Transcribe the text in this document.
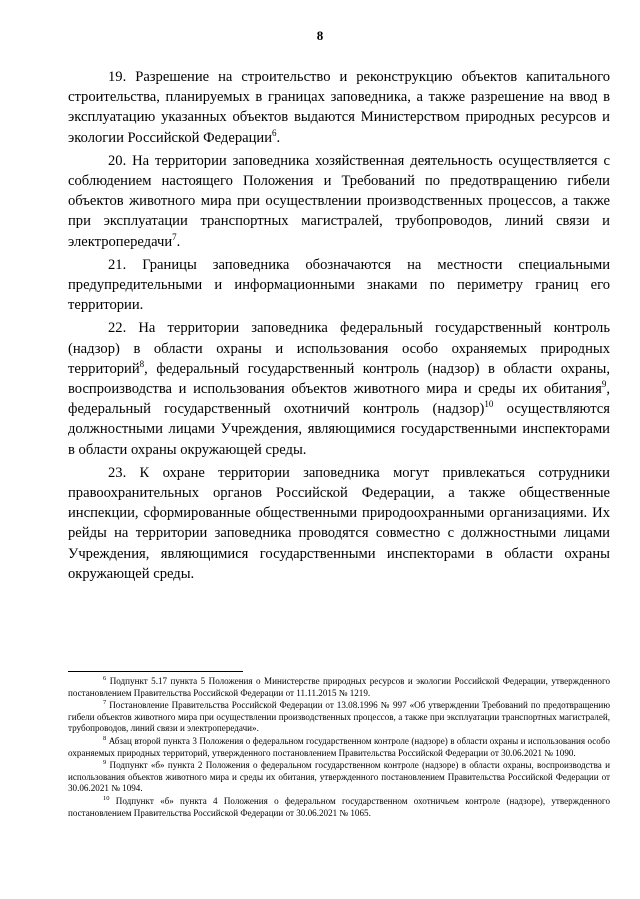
8

19. Разрешение на строительство и реконструкцию объектов капитального строительства, планируемых в границах заповедника, а также разрешение на ввод в эксплуатацию указанных объектов выдаются Министерством природных ресурсов и экологии Российской Федерации$^6$.

20. На территории заповедника хозяйственная деятельность осуществляется с соблюдением настоящего Положения и Требований по предотвращению гибели объектов животного мира при осуществлении производственных процессов, а также при эксплуатации транспортных магистралей, трубопроводов, линий связи и электропередачи$^7$.

21. Границы заповедника обозначаются на местности специальными предупредительными и информационными знаками по периметру границ его территории.

22. На территории заповедника федеральный государственный контроль (надзор) в области охраны и использования особо охраняемых природных территорий$^8$, федеральный государственный контроль (надзор) в области охраны, воспроизводства и использования объектов животного мира и среды их обитания$^9$, федеральный государственный охотничий контроль (надзор)$^{10}$ осуществляются должностными лицами Учреждения, являющимися государственными инспекторами в области охраны окружающей среды.

23. К охране территории заповедника могут привлекаться сотрудники правоохранительных органов Российской Федерации, а также общественные инспекции, сформированные общественными природоохранными организациями. Их рейды на территории заповедника проводятся совместно с должностными лицами Учреждения, являющимися государственными инспекторами в области охраны окружающей среды.

$^6$ Подпункт 5.17 пункта 5 Положения о Министерстве природных ресурсов и экологии Российской Федерации, утвержденного постановлением Правительства Российской Федерации от 11.11.2015 № 1219.

$^7$ Постановление Правительства Российской Федерации от 13.08.1996 № 997 «Об утверждении Требований по предотвращению гибели объектов животного мира при осуществлении производственных процессов, а также при эксплуатации транспортных магистралей, трубопроводов, линий связи и электропередачи».

$^8$ Абзац второй пункта 3 Положения о федеральном государственном контроле (надзоре) в области охраны и использования особо охраняемых природных территорий, утвержденного постановлением Правительства Российской Федерации от 30.06.2021 № 1090.

$^9$ Подпункт «б» пункта 2 Положения о федеральном государственном контроле (надзоре) в области охраны, воспроизводства и использования объектов животного мира и среды их обитания, утвержденного постановлением Правительства Российской Федерации от 30.06.2021 № 1094.

$^{10}$ Подпункт «б» пункта 4 Положения о федеральном государственном охотничьем контроле (надзоре), утвержденного постановлением Правительства Российской Федерации от 30.06.2021 № 1065.
